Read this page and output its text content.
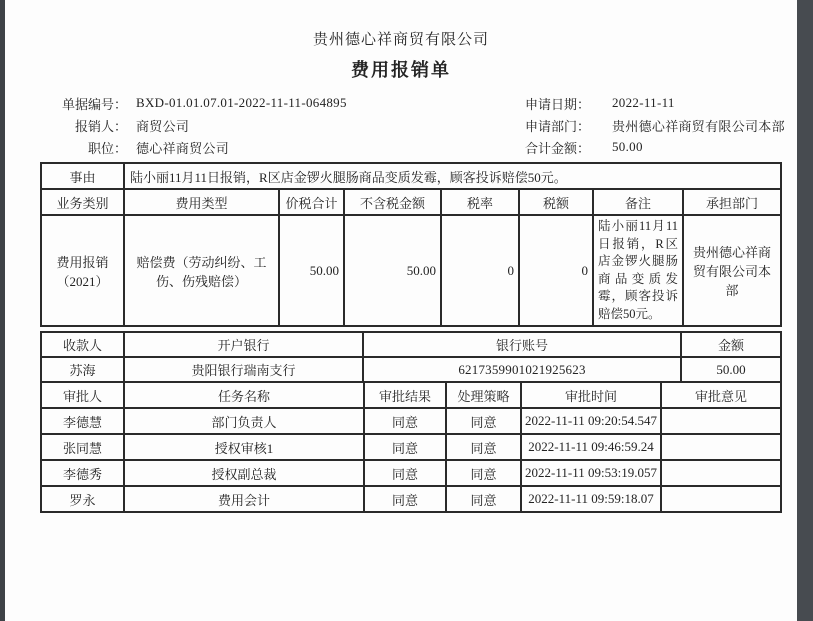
贵州德心祥商贸有限公司
费用报销单
单据编号： BXD-01.01.07.01-2022-11-11-064895
报销人： 商贸公司
职位： 德心祥商贸公司
申请日期：	2022-11-11
申请部门：	贵州德心祥商贸有限公司本部
合计金额：	50.00
事由	陆小丽11月11日报销，R区店金锣火腿肠商品变质发霉，顾客投诉赔偿50元。						
业务类别	费用类型	价税合计	不含税金额	税率	税额	备注	承担部门
费用报销（2021）	赔偿费（劳动纠纷、工伤、伤残赔偿）	50.00	50.00	0	0	陆小丽11月11日报销，R区店金锣火腿肠商品变质发霉，顾客投诉赔偿50元。	贵州德心祥商贸有限公司本部
收款人	开户银行	银行账号	金额
苏海	贵阳银行瑞南支行	6217359901021925623	50.00
审批人	任务名称	审批结果	处理策略	审批时间	审批意见
李德慧	部门负责人	同意	同意	2022-11-11 09:20:54.547	
张同慧	授权审核1	同意	同意	2022-11-11 09:46:59.24	
李德秀	授权副总裁	同意	同意	2022-11-11 09:53:19.057	
罗永	费用会计	同意	同意	2022-11-11 09:59:18.07	
